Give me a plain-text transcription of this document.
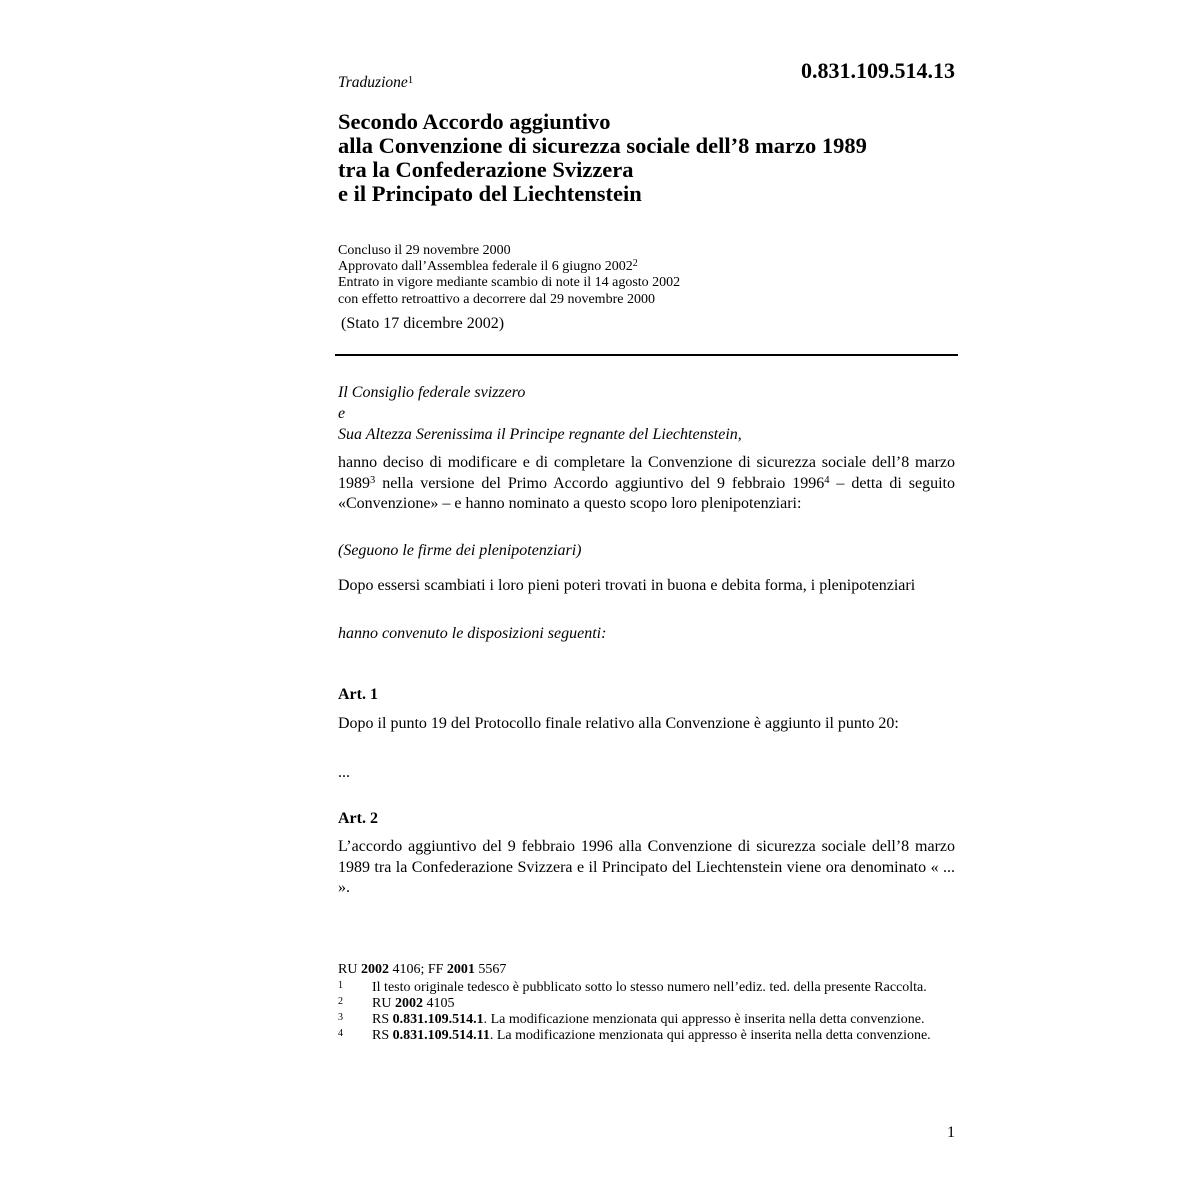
0.831.109.514.13
Traduzione$^1$
Secondo Accordo aggiuntivo
alla Convenzione di sicurezza sociale dell’8 marzo 1989
tra la Confederazione Svizzera
e il Principato del Liechtenstein
Concluso il 29 novembre 2000
Approvato dall’Assemblea federale il 6 giugno 2002$^2$
Entrato in vigore mediante scambio di note il 14 agosto 2002
con effetto retroattivo a decorrere dal 29 novembre 2000
(Stato 17 dicembre 2002)
Il Consiglio federale svizzero
e
Sua Altezza Serenissima il Principe regnante del Liechtenstein,
hanno deciso di modificare e di completare la Convenzione di sicurezza sociale dell’8 marzo 1989$^3$ nella versione del Primo Accordo aggiuntivo del 9 febbraio 1996$^4$ – detta di seguito «Convenzione» – e hanno nominato a questo scopo loro plenipotenziari:
(Seguono le firme dei plenipotenziari)
Dopo essersi scambiati i loro pieni poteri trovati in buona e debita forma, i plenipotenziari
hanno convenuto le disposizioni seguenti:
Art. 1
Dopo il punto 19 del Protocollo finale relativo alla Convenzione è aggiunto il punto 20:
...
Art. 2
L’accordo aggiuntivo del 9 febbraio 1996 alla Convenzione di sicurezza sociale dell’8 marzo 1989 tra la Confederazione Svizzera e il Principato del Liechtenstein viene ora denominato « ... ».
RU 2002 4106; FF 2001 5567
1	Il testo originale tedesco è pubblicato sotto lo stesso numero nell’ediz. ted. della presente Raccolta.
2	RU 2002 4105
3	RS 0.831.109.514.1. La modificazione menzionata qui appresso è inserita nella detta convenzione.
4	RS 0.831.109.514.11. La modificazione menzionata qui appresso è inserita nella detta convenzione.
1
